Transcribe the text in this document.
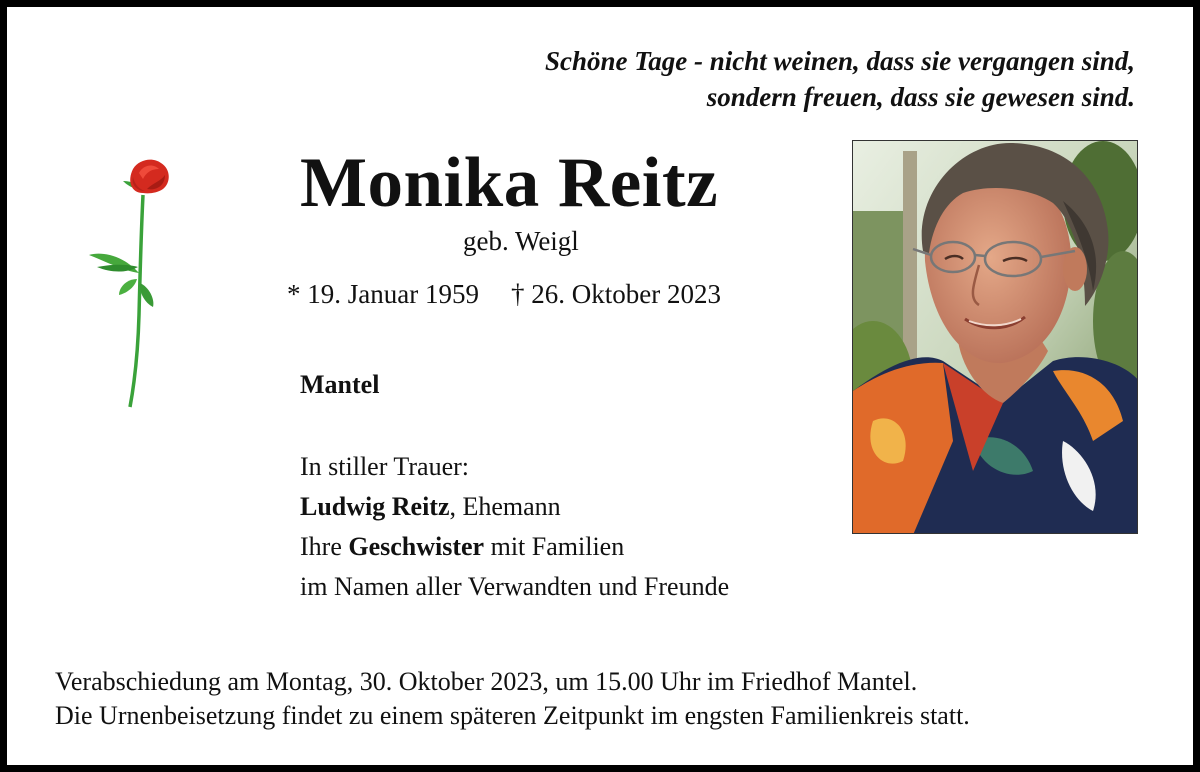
Schöne Tage - nicht weinen, dass sie vergangen sind,
sondern freuen, dass sie gewesen sind.
Monika Reitz
geb. Weigl
* 19. Januar 1959 † 26. Oktober 2023
Mantel
In stiller Trauer:
Ludwig Reitz, Ehemann
Ihre Geschwister mit Familien
im Namen aller Verwandten und Freunde
Verabschiedung am Montag, 30. Oktober 2023, um 15.00 Uhr im Friedhof Mantel.
Die Urnenbeisetzung findet zu einem späteren Zeitpunkt im engsten Familienkreis statt.
